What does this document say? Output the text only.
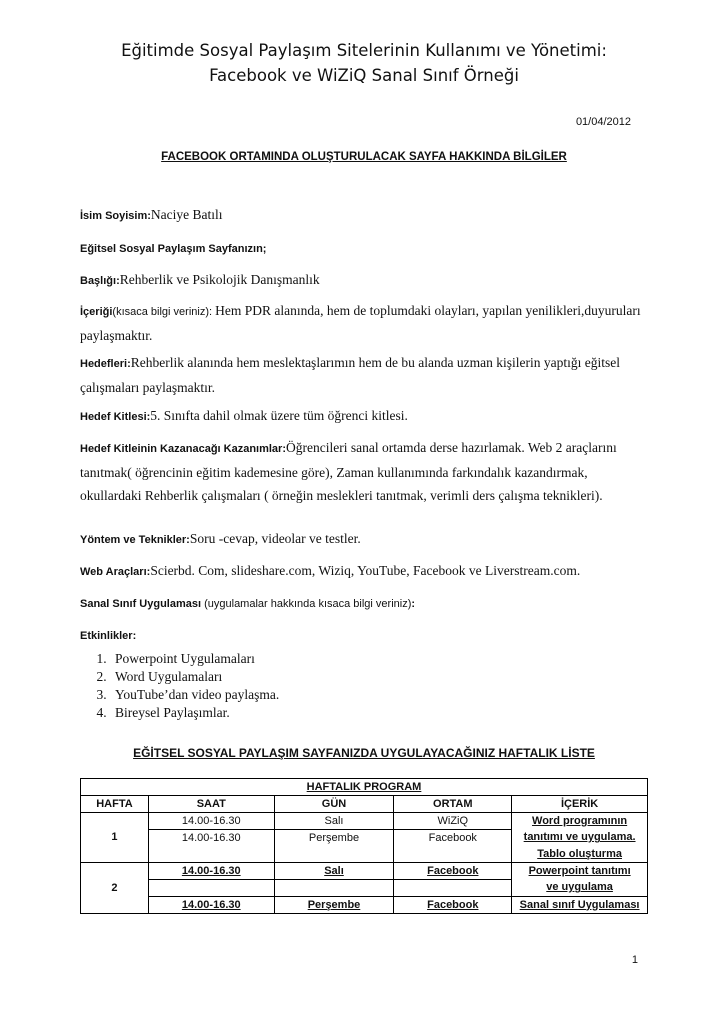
Eğitimde Sosyal Paylaşım Sitelerinin Kullanımı ve Yönetimi:
Facebook ve WiZiQ Sanal Sınıf Örneği
01/04/2012
FACEBOOK ORTAMINDA OLUŞTURULACAK SAYFA HAKKINDA BİLGİLER
İsim Soyisim:Naciye Batılı
Eğitsel Sosyal Paylaşım Sayfanızın;
Başlığı:Rehberlik ve Psikolojik Danışmanlık
İçeriği(kısaca bilgi veriniz): Hem PDR alanında, hem de toplumdaki olayları, yapılan yenilikleri,duyuruları paylaşmaktır.
Hedefleri:Rehberlik alanında hem meslektaşlarımın hem de bu alanda uzman kişilerin yaptığı eğitsel çalışmaları paylaşmaktır.
Hedef Kitlesi:5. Sınıfta dahil olmak üzere tüm öğrenci kitlesi.
Hedef Kitleinin Kazanacağı Kazanımlar:Öğrencileri sanal ortamda derse hazırlamak. Web 2 araçlarını tanıtmak( öğrencinin eğitim kademesine göre), Zaman kullanımında farkındalık kazandırmak, okullardaki Rehberlik çalışmaları ( örneğin meslekleri tanıtmak, verimli ders çalışma teknikleri).
Yöntem ve Teknikler:Soru -cevap, videolar ve testler.
Web Araçları:Scierbd. Com, slideshare.com, Wiziq, YouTube, Facebook ve Liverstream.com.
Sanal Sınıf Uygulaması (uygulamalar hakkında kısaca bilgi veriniz):
Etkinlikler:
1. Powerpoint Uygulamaları
2. Word Uygulamaları
3. YouTube’dan video paylaşma.
4. Bireysel Paylaşımlar.
EĞİTSEL SOSYAL PAYLAŞIM SAYFANIZDA UYGULAYACAĞINIZ HAFTALIK LİSTE
HAFTALIK PROGRAM				
HAFTA	SAAT	GÜN	ORTAM	İÇERİK
1	14.00-16.30	Salı	WiZiQ	Word programının
	14.00-16.30	Perşembe	Facebook	tanıtımı ve uygulama.
				Tablo oluşturma
2	14.00-16.30	Salı	Facebook	Powerpoint tanıtımı
				ve uygulama
	14.00-16.30	Perşembe	Facebook	Sanal sınıf Uygulaması
1
